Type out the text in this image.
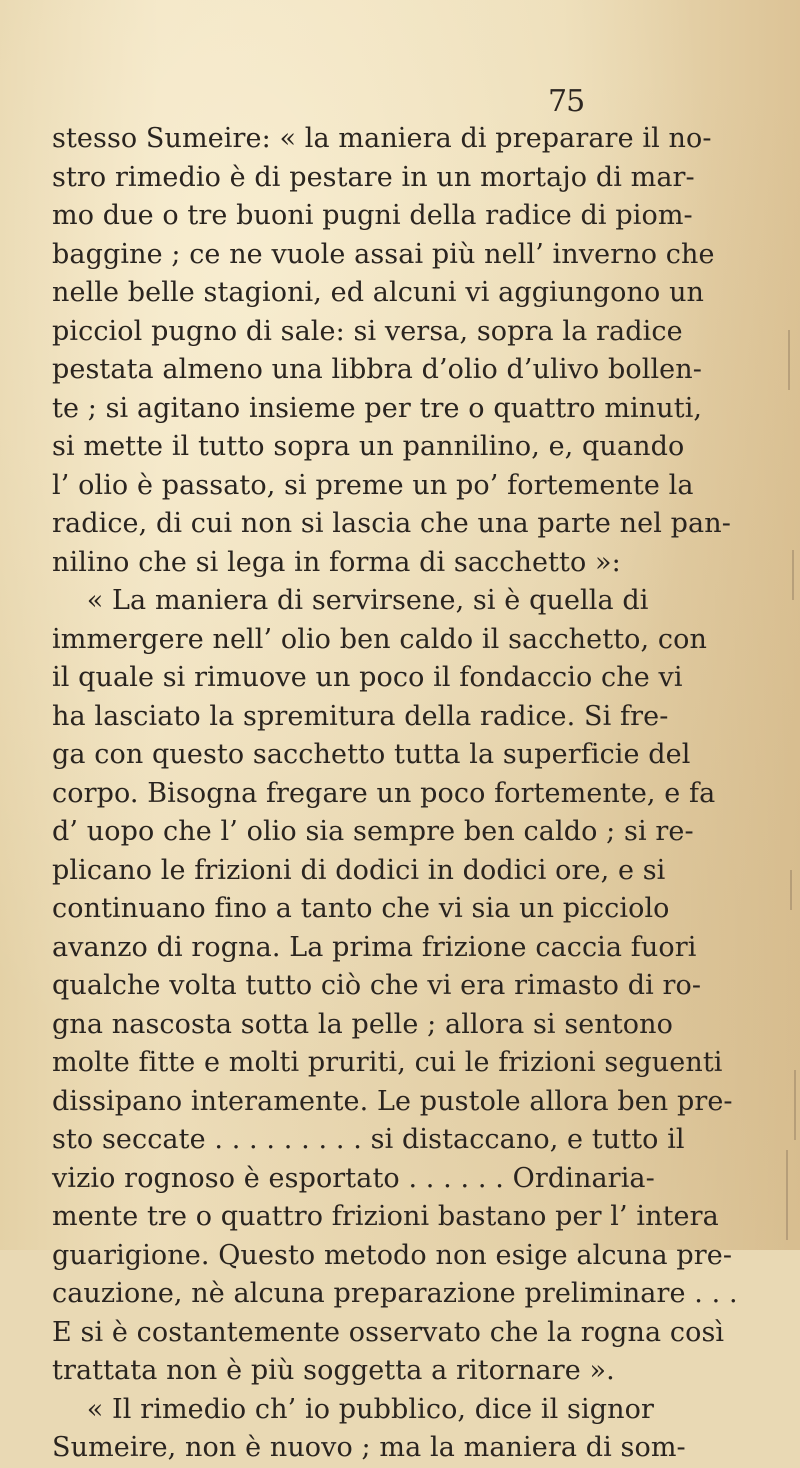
75
stesso Sumeire: « la maniera di preparare il no-
stro rimedio è di pestare in un mortajo di mar-
mo due o tre buoni pugni della radice di piom-
baggine ; ce ne vuole assai più nell’ inverno che
nelle belle stagioni, ed alcuni vi aggiungono un
picciol pugno di sale: si versa, sopra la radice
pestata almeno una libbra d’olio d’ulivo bollen-
te ; si agitano insieme per tre o quattro minuti,
si mette il tutto sopra un pannilino, e, quando
l’ olio è passato, si preme un po’ fortemente la
radice, di cui non si lascia che una parte nel pan-
nilino che si lega in forma di sacchetto »:
« La maniera di servirsene, si è quella di
immergere nell’ olio ben caldo il sacchetto, con
il quale si rimuove un poco il fondaccio che vi
ha lasciato la spremitura della radice. Si fre-
ga con questo sacchetto tutta la superficie del
corpo. Bisogna fregare un poco fortemente, e fa
d’ uopo che l’ olio sia sempre ben caldo ; si re-
plicano le frizioni di dodici in dodici ore, e si
continuano fino a tanto che vi sia un picciolo
avanzo di rogna. La prima frizione caccia fuori
qualche volta tutto ciò che vi era rimasto di ro-
gna nascosta sotta la pelle ; allora si sentono
molte fitte e molti pruriti, cui le frizioni seguenti
dissipano interamente. Le pustole allora ben pre-
sto seccate . . . . . . . . . si distaccano, e tutto il
vizio rognoso è esportato . . . . . . Ordinaria-
mente tre o quattro frizioni bastano per l’ intera
guarigione. Questo metodo non esige alcuna pre-
cauzione, nè alcuna preparazione preliminare . . .
E si è costantemente osservato che la rogna così
trattata non è più soggetta a ritornare ».
« Il rimedio ch’ io pubblico, dice il signor
Sumeire, non è nuovo ; ma la maniera di som-
